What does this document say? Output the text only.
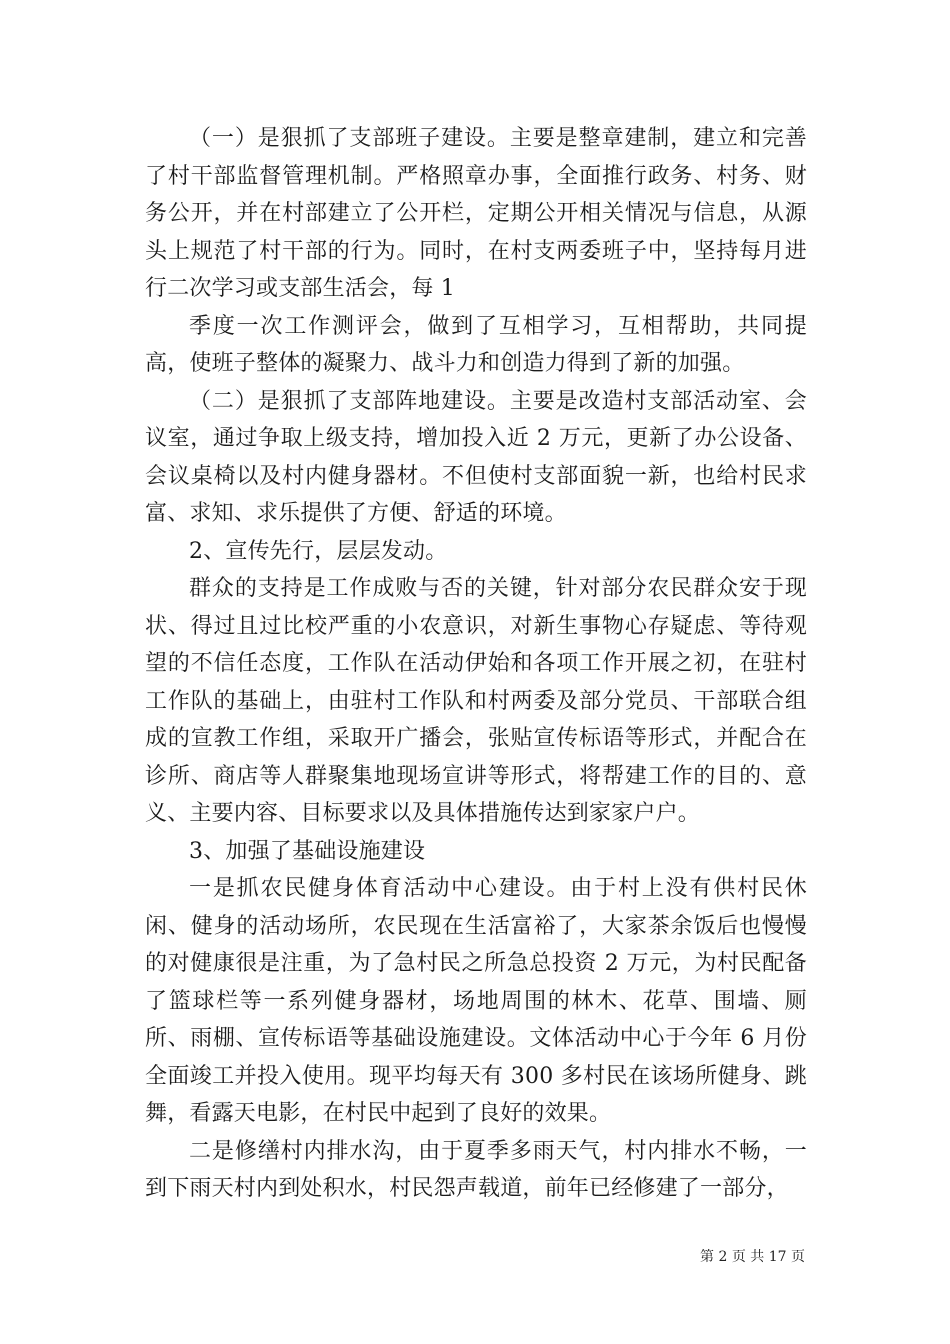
（一）是狠抓了支部班子建设。主要是整章建制，建立和完善了村干部监督管理机制。严格照章办事，全面推行政务、村务、财务公开，并在村部建立了公开栏，定期公开相关情况与信息，从源头上规范了村干部的行为。同时，在村支两委班子中，坚持每月进行二次学习或支部生活会，每 1

季度一次工作测评会，做到了互相学习，互相帮助，共同提高，使班子整体的凝聚力、战斗力和创造力得到了新的加强。

（二）是狠抓了支部阵地建设。主要是改造村支部活动室、会议室，通过争取上级支持，增加投入近 2 万元，更新了办公设备、会议桌椅以及村内健身器材。不但使村支部面貌一新，也给村民求富、求知、求乐提供了方便、舒适的环境。

2、宣传先行，层层发动。

群众的支持是工作成败与否的关键，针对部分农民群众安于现状、得过且过比校严重的小农意识，对新生事物心存疑虑、等待观望的不信任态度，工作队在活动伊始和各项工作开展之初，在驻村工作队的基础上，由驻村工作队和村两委及部分党员、干部联合组成的宣教工作组，采取开广播会，张贴宣传标语等形式，并配合在诊所、商店等人群聚集地现场宣讲等形式，将帮建工作的目的、意义、主要内容、目标要求以及具体措施传达到家家户户。

3、加强了基础设施建设

一是抓农民健身体育活动中心建设。由于村上没有供村民休闲、健身的活动场所，农民现在生活富裕了，大家茶余饭后也慢慢的对健康很是注重，为了急村民之所急总投资 2 万元，为村民配备了篮球栏等一系列健身器材，场地周围的林木、花草、围墙、厕所、雨棚、宣传标语等基础设施建设。文体活动中心于今年 6 月份全面竣工并投入使用。现平均每天有 300 多村民在该场所健身、跳舞，看露天电影，在村民中起到了良好的效果。

二是修缮村内排水沟，由于夏季多雨天气，村内排水不畅，一到下雨天村内到处积水，村民怨声载道，前年已经修建了一部分，

第 2 页 共 17 页
